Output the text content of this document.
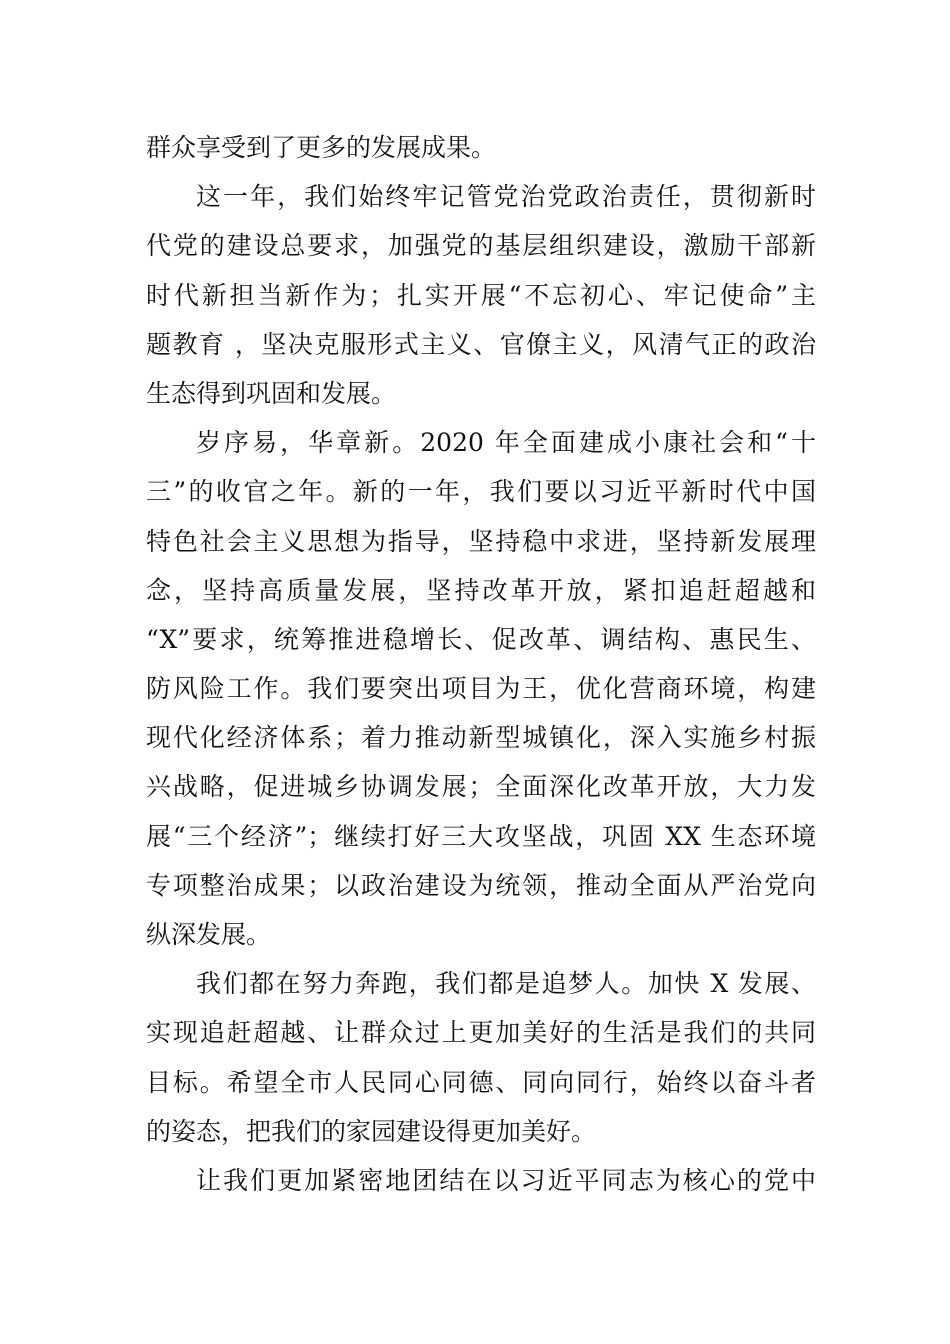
群众享受到了更多的发展成果。
这一年，我们始终牢记管党治党政治责任，贯彻新时
代党的建设总要求，加强党的基层组织建设，激励干部新
时代新担当新作为；扎实开展“不忘初心、牢记使命”主
题教育 ，坚决克服形式主义、官僚主义，风清气正的政治
生态得到巩固和发展。
岁序易，华章新。2020 年全面建成小康社会和“十
三”的收官之年。新的一年，我们要以习近平新时代中国
特色社会主义思想为指导，坚持稳中求进，坚持新发展理
念，坚持高质量发展，坚持改革开放，紧扣追赶超越和
“X”要求，统筹推进稳增长、促改革、调结构、惠民生、
防风险工作。我们要突出项目为王，优化营商环境，构建
现代化经济体系；着力推动新型城镇化，深入实施乡村振
兴战略，促进城乡协调发展；全面深化改革开放，大力发
展“三个经济”；继续打好三大攻坚战，巩固 XX 生态环境
专项整治成果；以政治建设为统领，推动全面从严治党向
纵深发展。
我们都在努力奔跑，我们都是追梦人。加快 X 发展、
实现追赶超越、让群众过上更加美好的生活是我们的共同
目标。希望全市人民同心同德、同向同行，始终以奋斗者
的姿态，把我们的家园建设得更加美好。
让我们更加紧密地团结在以习近平同志为核心的党中
